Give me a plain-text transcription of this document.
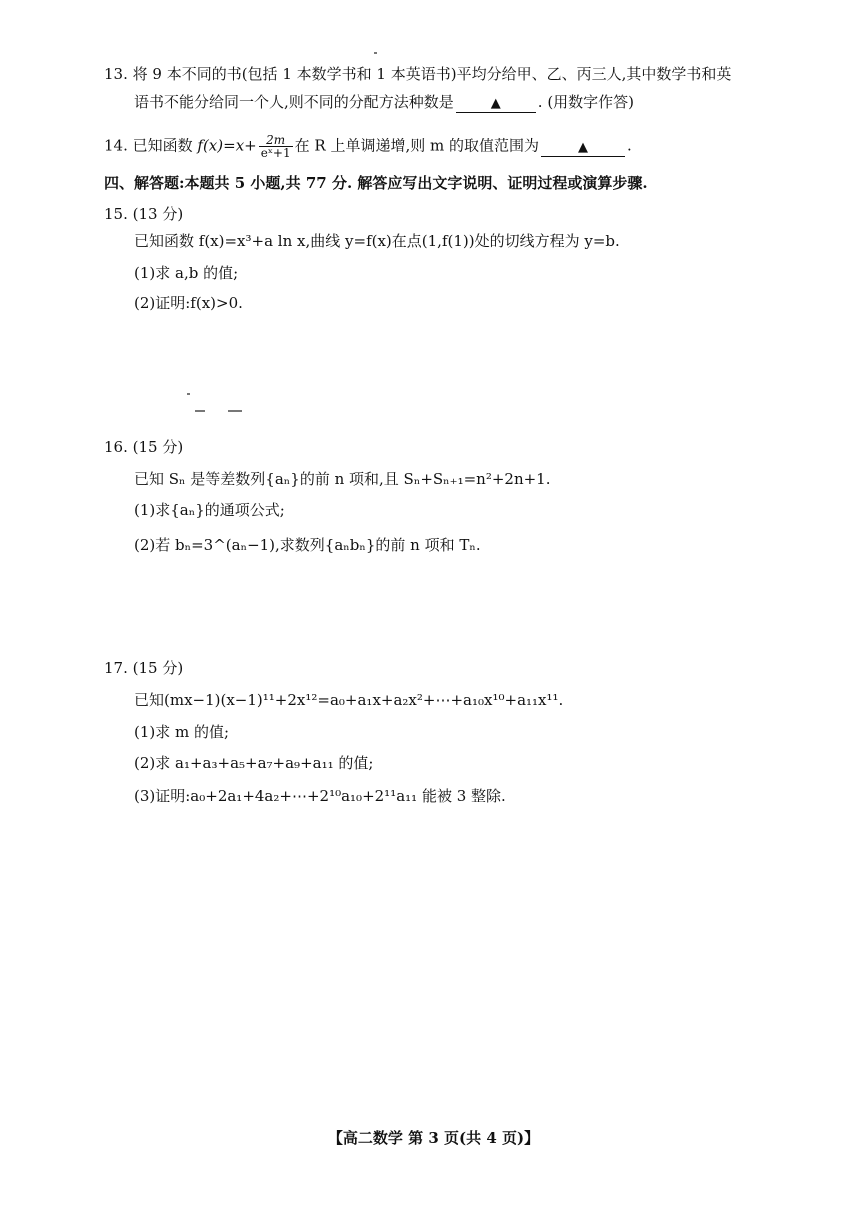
13. 将 9 本不同的书(包括 1 本数学书和 1 本英语书)平均分给甲、乙、丙三人,其中数学书和英
语书不能分给同一个人,则不同的分配方法种数是	▲ . (用数字作答)
14. 已知函数 $f(x)=x+ \frac{2m}{\text{eˣ+1}}$ 在 R 上单调递增,则 m 的取值范围为	▲	.
四、解答题:本题共 5 小题,共 77 分. 解答应写出文字说明、证明过程或演算步骤.
15. (13 分)
已知函数 f(x)=x³+a ln x,曲线 y=f(x)在点(1,f(1))处的切线方程为 y=b.
(1)求 a,b 的值;
(2)证明:f(x)>0.
16. (15 分)
已知 Sₙ 是等差数列{aₙ}的前 n 项和,且 Sₙ+Sₙ₊₁=n²+2n+1.
(1)求{aₙ}的通项公式;
(2)若 bₙ=3^(aₙ−1),求数列{aₙbₙ}的前 n 项和 Tₙ.
17. (15 分)
已知(mx−1)(x−1)¹¹+2x¹²=a₀+a₁x+a₂x²+⋯+a₁₀x¹⁰+a₁₁x¹¹.
(1)求 m 的值;
(2)求 a₁+a₃+a₅+a₇+a₉+a₁₁ 的值;
(3)证明:a₀+2a₁+4a₂+⋯+2¹⁰a₁₀+2¹¹a₁₁ 能被 3 整除.
【高二数学 第 3 页(共 4 页)】
